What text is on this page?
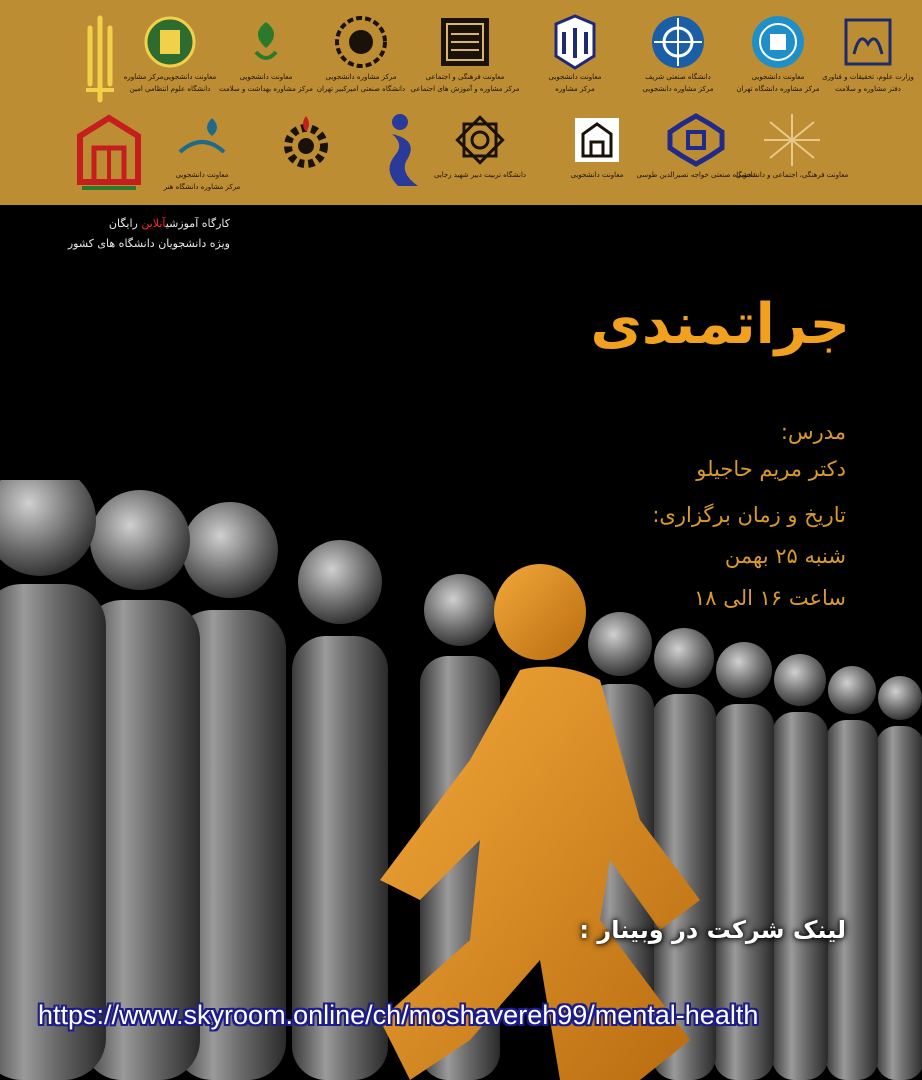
وزارت علوم، تحقیقات و فناوری
دفتر مشاوره و سلامت
معاونت دانشجویی
مرکز مشاوره دانشگاه تهران
دانشگاه صنعتی شریف
مرکز مشاوره دانشجویی
معاونت دانشجویی
مرکز مشاوره
معاونت فرهنگی و اجتماعی
مرکز مشاوره و آموزش های اجتماعی
مرکز مشاوره دانشجویی
دانشگاه صنعتی امیرکبیر تهران
معاونت دانشجویی
مرکز مشاوره بهداشت و سلامت
معاونت دانشجویی‌مرکز مشاوره
دانشگاه علوم انتظامی امین
معاونت فرهنگی، اجتماعی و دانشجویی
دانشگاه صنعتی خواجه نصیرالدین طوسی
معاونت دانشجویی
دانشگاه تربیت دبیر شهید رجایی
معاونت دانشجویی
مرکز مشاوره دانشگاه هنر
کارگاه آموزشیآنلاین رایگان
ویژه دانشجویان دانشگاه های کشور
جراتمندی
مدرس:
دکتر مریم حاجیلو
تاریخ و زمان برگزاری:
شنبه ۲۵ بهمن
ساعت ۱۶ الی ۱۸
لینک شرکت در وبینار :
https://www.skyroom.online/ch/moshavereh99/mental-health
